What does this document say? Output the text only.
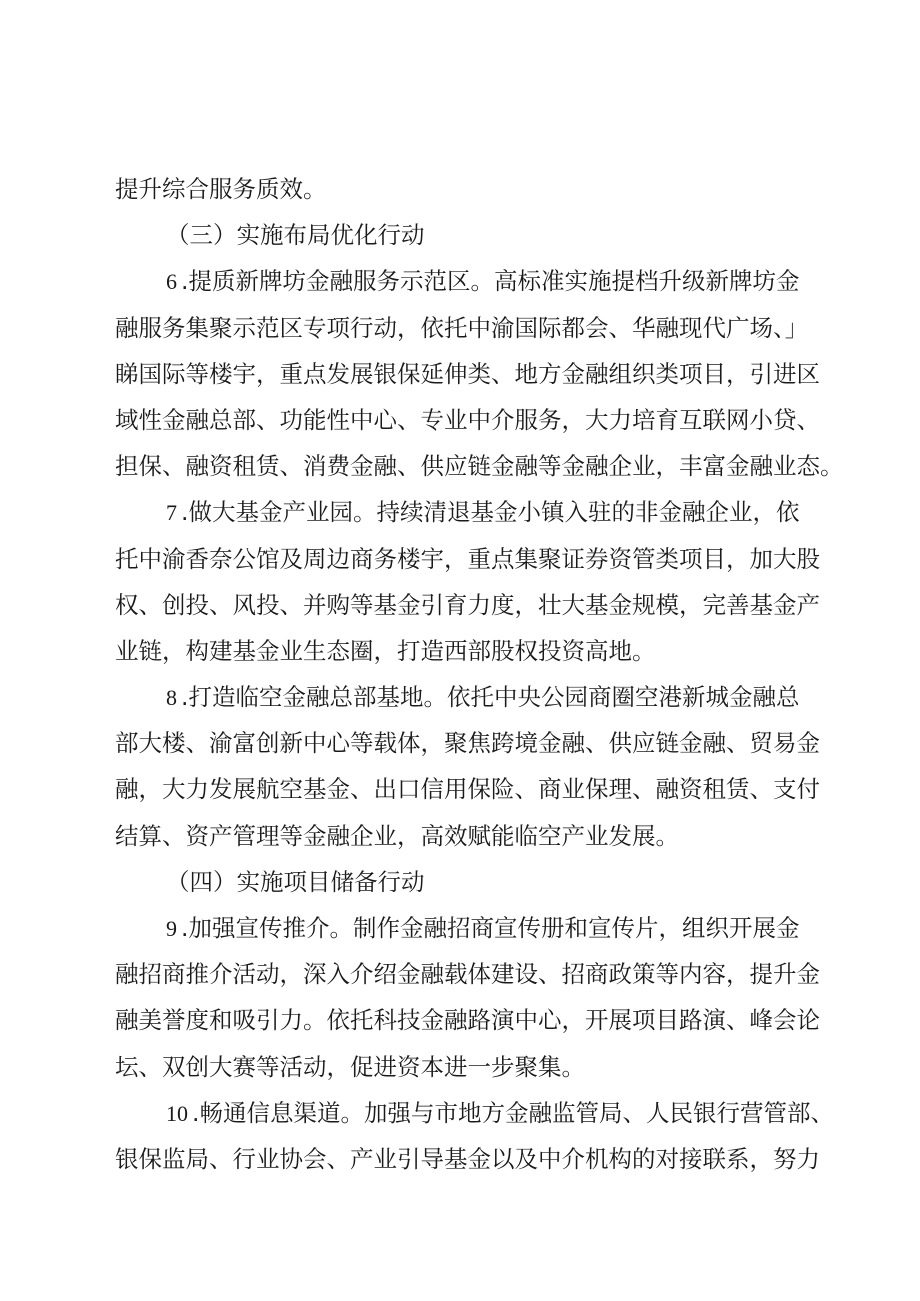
提升综合服务质效。
（三）实施布局优化行动
6 .提质新牌坊金融服务示范区。高标准实施提档升级新牌坊金
融服务集聚示范区专项行动，依托中渝国际都会、华融现代广场、」
睇国际等楼宇，重点发展银保延伸类、地方金融组织类项目，引进区
域性金融总部、功能性中心、专业中介服务，大力培育互联网小贷、
担保、融资租赁、消费金融、供应链金融等金融企业，丰富金融业态。
7 .做大基金产业园。持续清退基金小镇入驻的非金融企业，依
托中渝香奈公馆及周边商务楼宇，重点集聚证券资管类项目，加大股
权、创投、风投、并购等基金引育力度，壮大基金规模，完善基金产
业链，构建基金业生态圈，打造西部股权投资高地。
8 .打造临空金融总部基地。依托中央公园商圈空港新城金融总
部大楼、渝富创新中心等载体，聚焦跨境金融、供应链金融、贸易金
融，大力发展航空基金、出口信用保险、商业保理、融资租赁、支付
结算、资产管理等金融企业，高效赋能临空产业发展。
（四）实施项目储备行动
9 .加强宣传推介。制作金融招商宣传册和宣传片，组织开展金
融招商推介活动，深入介绍金融载体建设、招商政策等内容，提升金
融美誉度和吸引力。依托科技金融路演中心，开展项目路演、峰会论
坛、双创大赛等活动，促进资本进一步聚集。
10 .畅通信息渠道。加强与市地方金融监管局、人民银行营管部、
银保监局、行业协会、产业引导基金以及中介机构的对接联系，努力
